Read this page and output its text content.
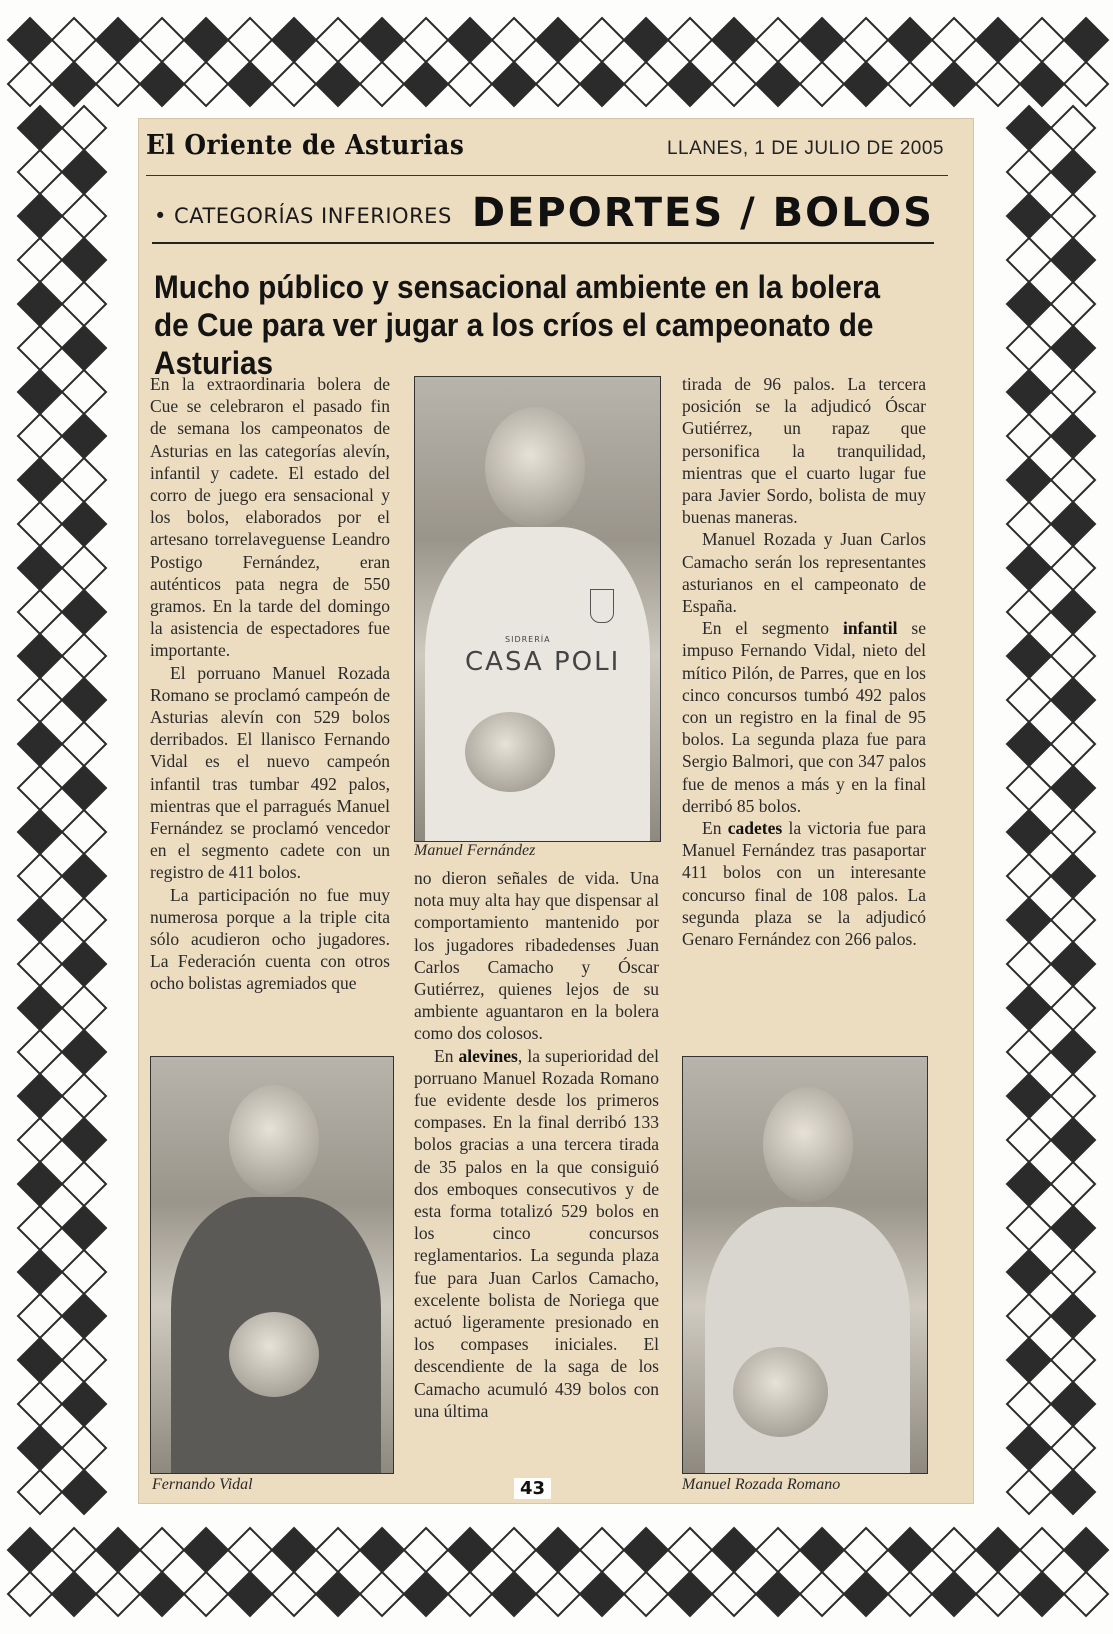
El Oriente de Asturias	LLANES, 1 DE JULIO DE 2005
• CATEGORÍAS INFERIORES DEPORTES / BOLOS
Mucho público y sensacional ambiente en la bolera de Cue para ver jugar a los críos el campeonato de Asturias

En la extraordinaria bolera de Cue se celebraron el pasado fin de semana los campeonatos de Asturias en las categorías alevín, infantil y cadete. El estado del corro de juego era sensacional y los bolos, elaborados por el artesano torrelaveguense Leandro Postigo Fernández, eran auténticos pata negra de 550 gramos. En la tarde del domingo la asistencia de espectadores fue importante.

El porruano Manuel Rozada Romano se proclamó campeón de Asturias alevín con 529 bolos derribados. El llanisco Fernando Vidal es el nuevo campeón infantil tras tumbar 492 palos, mientras que el parragués Manuel Fernández se proclamó vencedor en el segmento cadete con un registro de 411 bolos.

La participación no fue muy numerosa porque a la triple cita sólo acudieron ocho jugadores. La Federación cuenta con otros ocho bolistas agremiados que

SIDRERÍA
CASA POLI
Manuel Fernández

no dieron señales de vida. Una nota muy alta hay que dispensar al comportamiento mantenido por los jugadores ribadedenses Juan Carlos Camacho y Óscar Gutiérrez, quienes lejos de su ambiente aguantaron en la bolera como dos colosos.

En alevines, la superioridad del porruano Manuel Rozada Romano fue evidente desde los primeros compases. En la final derribó 133 bolos gracias a una tercera tirada de 35 palos en la que consiguió dos emboques consecutivos y de esta forma totalizó 529 bolos en los cinco concursos reglamentarios. La segunda plaza fue para Juan Carlos Camacho, excelente bolista de Noriega que actuó ligeramente presionado en los compases iniciales. El descendiente de la saga de los Camacho acumuló 439 bolos con una última

tirada de 96 palos. La tercera posición se la adjudicó Óscar Gutiérrez, un rapaz que personifica la tranquilidad, mientras que el cuarto lugar fue para Javier Sordo, bolista de muy buenas maneras.

Manuel Rozada y Juan Carlos Camacho serán los representantes asturianos en el campeonato de España.

En el segmento infantil se impuso Fernando Vidal, nieto del mítico Pilón, de Parres, que en los cinco concursos tumbó 492 palos con un registro en la final de 95 bolos. La segunda plaza fue para Sergio Balmori, que con 347 palos fue de menos a más y en la final derribó 85 bolos.

En cadetes la victoria fue para Manuel Fernández tras pasaportar 411 bolos con un interesante concurso final de 108 palos. La segunda plaza se la adjudicó Genaro Fernández con 266 palos.

Fernando Vidal	Manuel Rozada Romano
43
